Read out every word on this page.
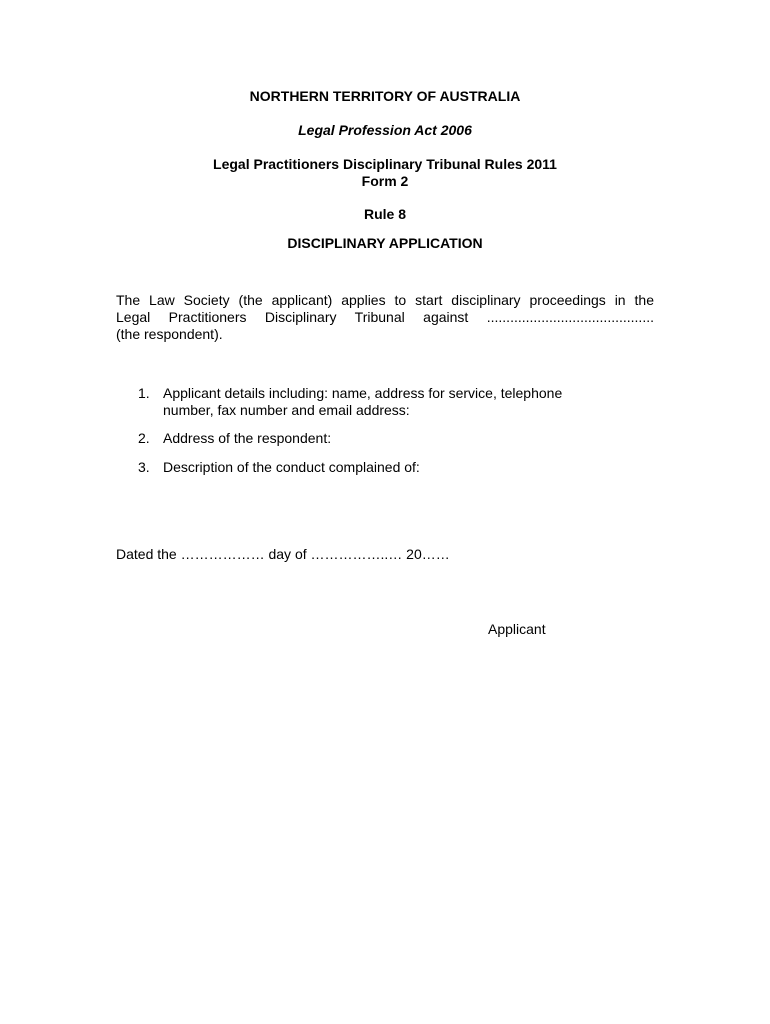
NORTHERN TERRITORY OF AUSTRALIA
Legal Profession Act 2006
Legal Practitioners Disciplinary Tribunal Rules 2011
Form 2
Rule 8
DISCIPLINARY APPLICATION
The Law Society (the applicant) applies to start disciplinary proceedings in the
Legal Practitioners Disciplinary Tribunal against ...........................................
(the respondent).
1. Applicant details including: name, address for service, telephone
number, fax number and email address:
2. Address of the respondent:
3. Description of the conduct complained of:
Dated the ……………… day of ……………..… 20……
Applicant
